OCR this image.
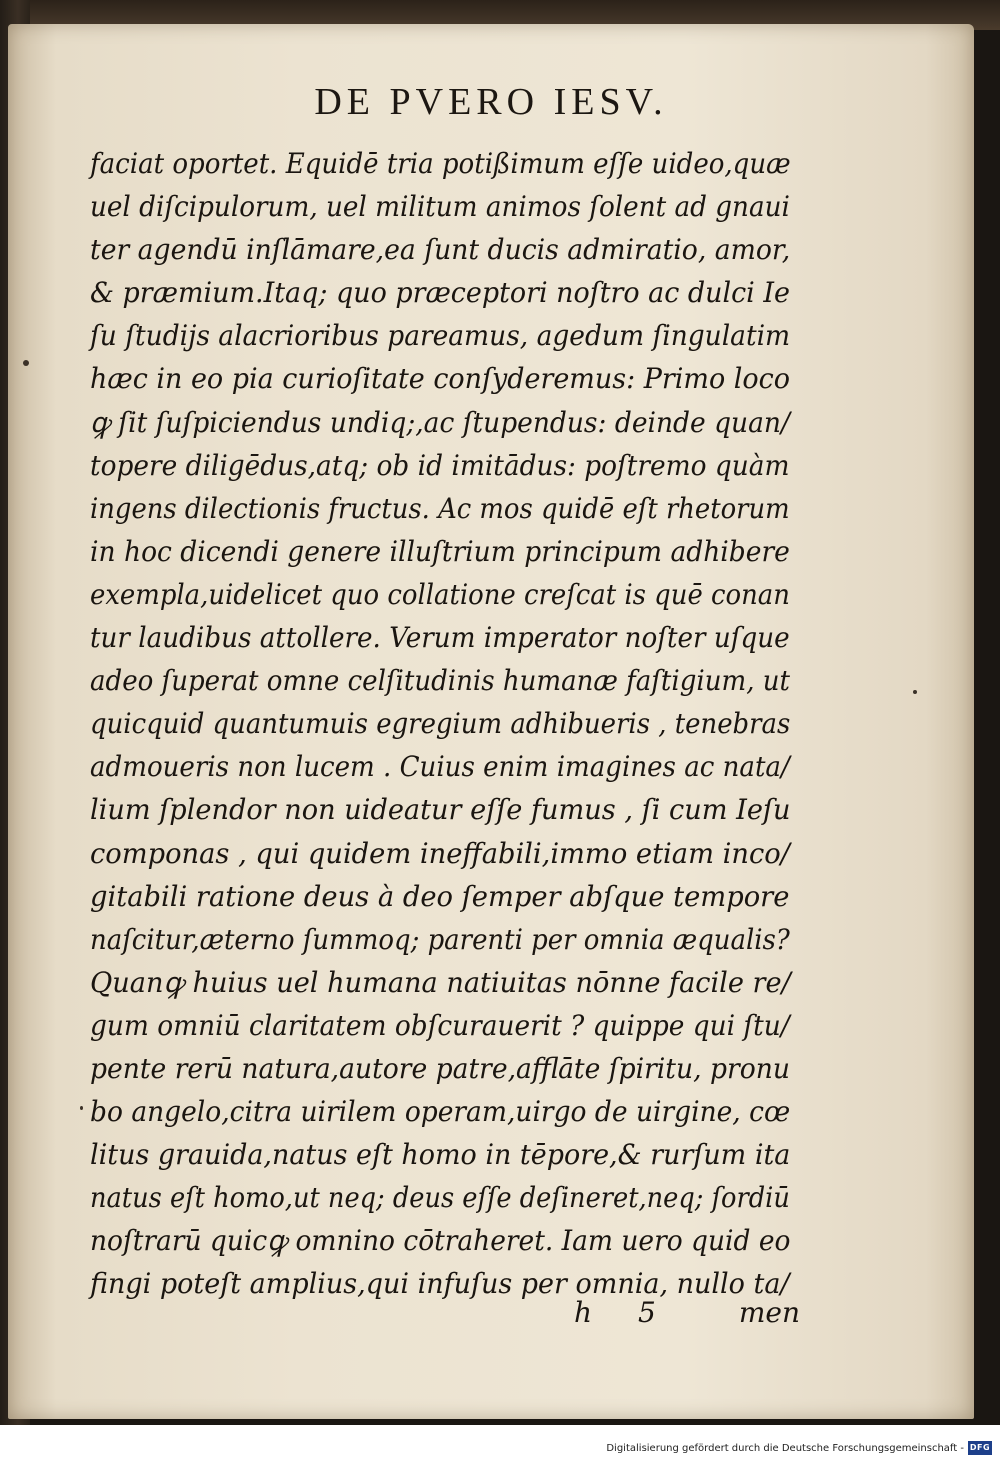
DE PVERO IESV.
faciat oportet. Equidē tria potißimum eſſe uideo,quæ
uel diſcipulorum, uel militum animos ſolent ad gnaui
ter agendū inſlāmare,ea ſunt ducis admiratio, amor,
& præmium.Itaq; quo præceptori noſtro ac dulci Ie
ſu ſtudijs alacrioribus pareamus, agedum ſingulatim
hæc in eo pia curioſitate conſyderemus: Primo loco
ꝙ ſit ſuſpiciendus undiq;,ac ſtupendus: deinde quan/
topere diligēdus,atq; ob id imitādus: poſtremo quàm
ingens dilectionis fructus. Ac mos quidē eſt rhetorum
in hoc dicendi genere illuſtrium principum adhibere
exempla,uidelicet quo collatione creſcat is quē conan
tur laudibus attollere. Verum imperator noſter uſque
adeo ſuperat omne celſitudinis humanæ faſtigium, ut
quicquid quantumuis egregium adhibueris , tenebras
admoueris non lucem . Cuius enim imagines ac nata/
lium ſplendor non uideatur eſſe fumus , ſi cum Ieſu
componas , qui quidem ineffabili,immo etiam inco/
gitabili ratione deus à deo ſemper abſque tempore
naſcitur,æterno ſummoq; parenti per omnia æqualis?
Quanꝙ huius uel humana natiuitas nōnne facile re/
gum omniū claritatem obſcurauerit ? quippe qui ſtu/
pente rerū natura,autore patre,afflāte ſpiritu, pronu
bo angelo,citra uirilem operam,uirgo de uirgine, cœ
litus grauida,natus eſt homo in tēpore,& rurſum ita
natus eſt homo,ut neq; deus eſſe deſineret,neq; ſordiū
noſtrarū quicꝙ omnino cōtraheret. Iam uero quid eo
fingi poteſt amplius,qui infuſus per omnia, nullo ta/
h 5	men
Digitalisierung gefördert durch die Deutsche Forschungsgemeinschaft - DFG
